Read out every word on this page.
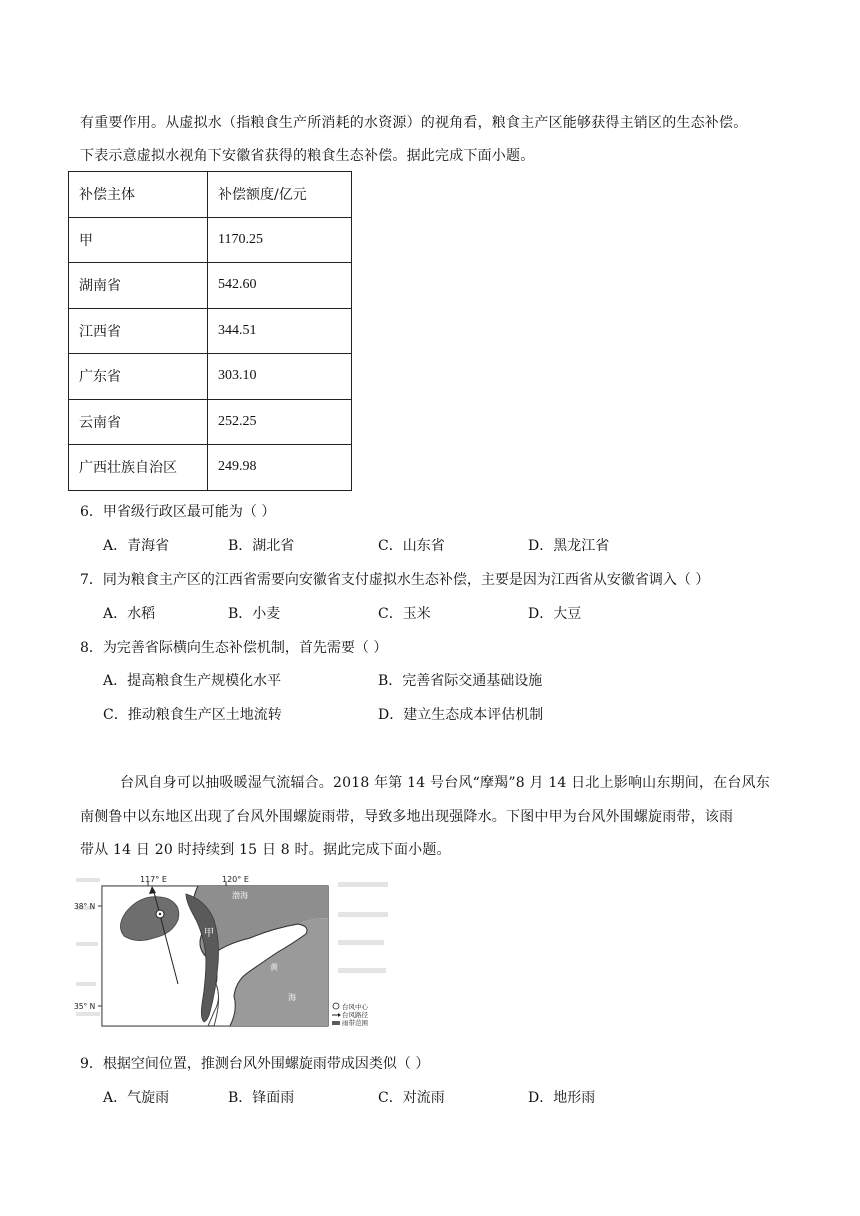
有重要作用。从虚拟水（指粮食生产所消耗的水资源）的视角看，粮食主产区能够获得主销区的生态补偿。
下表示意虚拟水视角下安徽省获得的粮食生态补偿。据此完成下面小题。
补偿主体	补偿额度/亿元
甲	1170.25
湖南省	542.60
江西省	344.51
广东省	303.10
云南省	252.25
广西壮族自治区	249.98
6．甲省级行政区最可能为（ ）
A．青海省	B．湖北省	C．山东省	D．黑龙江省
7．同为粮食主产区的江西省需要向安徽省支付虚拟水生态补偿，主要是因为江西省从安徽省调入（ ）
A．水稻	B．小麦	C．玉米	D．大豆
8．为完善省际横向生态补偿机制，首先需要（ ）
A．提高粮食生产规模化水平	B．完善省际交通基础设施
C．推动粮食生产区土地流转	D．建立生态成本评估机制
台风自身可以抽吸暖湿气流辐合。2018 年第 14 号台风“摩羯”8 月 14 日北上影响山东期间，在台风东
南侧鲁中以东地区出现了台风外围螺旋雨带，导致多地出现强降水。下图中甲为台风外围螺旋雨带，该雨
带从 14 日 20 时持续到 15 日 8 时。据此完成下面小题。
117° E	120° E
38° N
35° N
渤海
黄
海
甲
台风中心
台风路径
雨带范围
9．根据空间位置，推测台风外围螺旋雨带成因类似（ ）
A．气旋雨	B．锋面雨	C．对流雨	D．地形雨
